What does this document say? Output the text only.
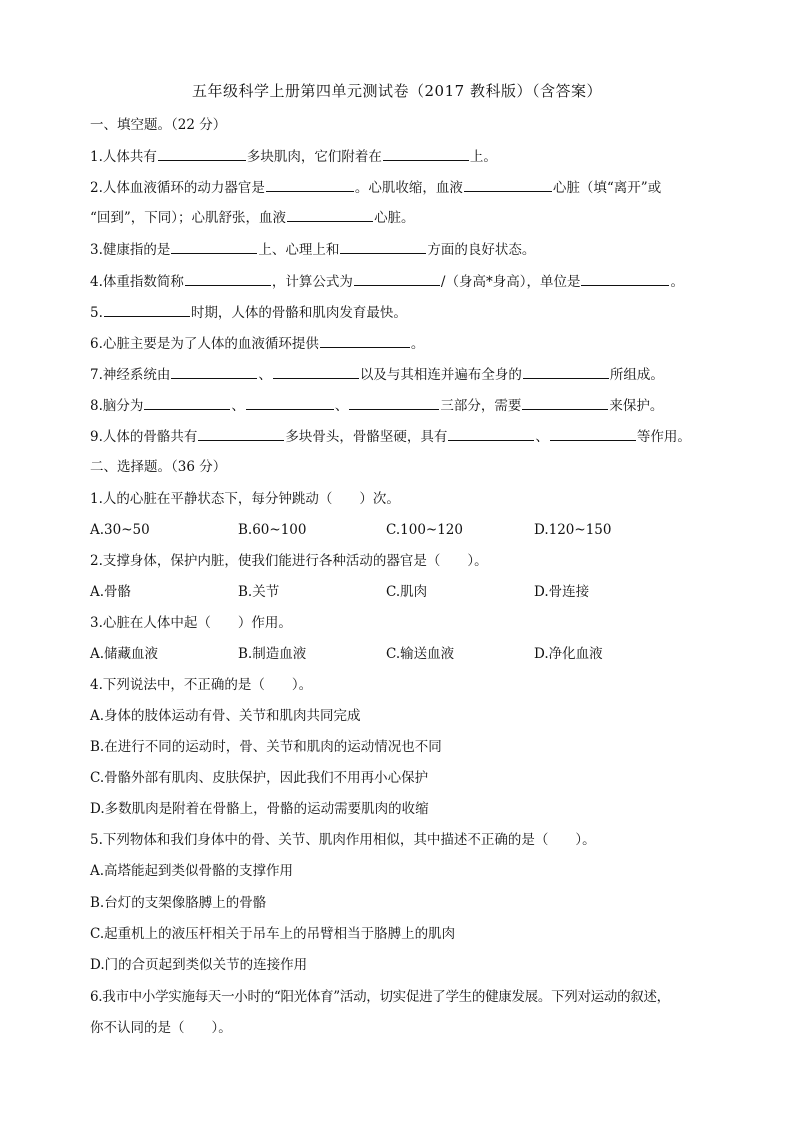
五年级科学上册第四单元测试卷（2017 教科版）（含答案）
一、填空题。（22 分）
1.人体共有	多块肌肉，它们附着在	上。
2.人体血液循环的动力器官是	。心肌收缩，血液	心脏（填“离开”或
“回到”，下同）；心肌舒张，血液	心脏。
3.健康指的是	上、心理上和	方面的良好状态。
4.体重指数简称	，计算公式为	/（身高*身高），单位是	。
5.	时期，人体的骨骼和肌肉发育最快。
6.心脏主要是为了人体的血液循环提供	。
7.神经系统由	、	以及与其相连并遍布全身的	所组成。
8.脑分为	、	、	三部分，需要	来保护。
9.人体的骨骼共有	多块骨头，骨骼坚硬，具有	、	等作用。
二、选择题。（36 分）
1.人的心脏在平静状态下，每分钟跳动（　　）次。
A.30~50	B.60~100	C.100~120	D.120~150
2.支撑身体，保护内脏，使我们能进行各种活动的器官是（　　）。
A.骨骼	B.关节	C.肌肉	D.骨连接
3.心脏在人体中起（　　）作用。
A.储藏血液	B.制造血液	C.输送血液	D.净化血液
4.下列说法中，不正确的是（　　）。
A.身体的肢体运动有骨、关节和肌肉共同完成
B.在进行不同的运动时，骨、关节和肌肉的运动情况也不同
C.骨骼外部有肌肉、皮肤保护，因此我们不用再小心保护
D.多数肌肉是附着在骨骼上，骨骼的运动需要肌肉的收缩
5.下列物体和我们身体中的骨、关节、肌肉作用相似，其中描述不正确的是（　　）。
A.高塔能起到类似骨骼的支撑作用
B.台灯的支架像胳膊上的骨骼
C.起重机上的液压杆相关于吊车上的吊臂相当于胳膊上的肌肉
D.门的合页起到类似关节的连接作用
6.我市中小学实施每天一小时的“阳光体育”活动，切实促进了学生的健康发展。下列对运动的叙述，
你不认同的是（　　）。
